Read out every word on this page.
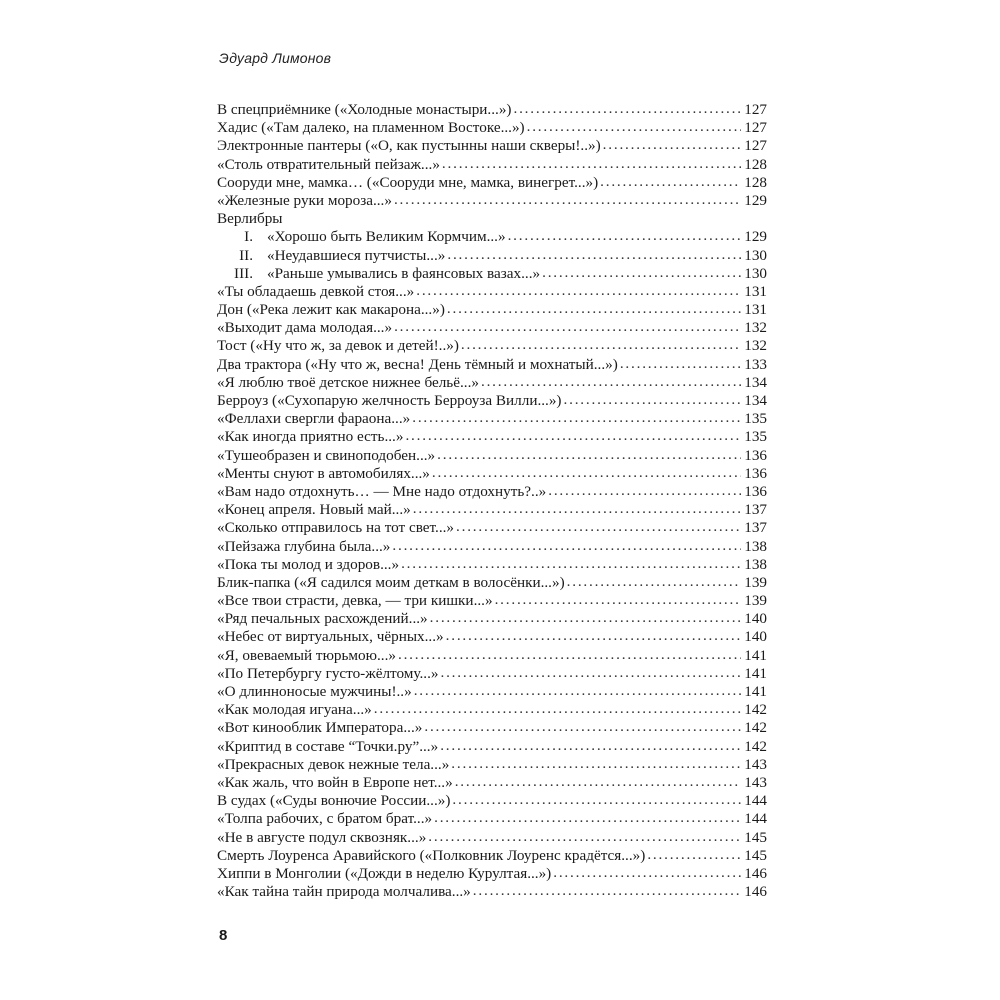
Эдуард Лимонов
В спецприёмнике («Холодные монастыри...») . . .	127
Хадис («Там далеко, на пламенном Востоке...») . . .	127
Электронные пантеры («О, как пустынны наши скверы!..») . . .	127
«Столь отвратительный пейзаж...» . . .	128
Сооруди мне, мамка… («Сооруди мне, мамка, винегрет...») . . .	128
«Железные руки мороза...» . . .	129
Верлибры
I. «Хорошо быть Великим Кормчим...» . . .	129
II. «Неудавшиеся путчисты...» . . .	130
III. «Раньше умывались в фаянсовых вазах...» . . .	130
«Ты обладаешь девкой стоя...» . . .	131
Дон («Река лежит как макарона...») . . .	131
«Выходит дама молодая...» . . .	132
Тост («Ну что ж, за девок и детей!..») . . .	132
Два трактора («Ну что ж, весна! День тёмный и мохнатый...») . . .	133
«Я люблю твоё детское нижнее бельё...» . . .	134
Берроуз («Сухопарую желчность Берроуза Вилли...») . . .	134
«Феллахи свергли фараона...» . . .	135
«Как иногда приятно есть...» . . .	135
«Тушеобразен и свиноподобен...» . . .	136
«Менты снуют в автомобилях...» . . .	136
«Вам надо отдохнуть… — Мне надо отдохнуть?..» . . .	136
«Конец апреля. Новый май...» . . .	137
«Сколько отправилось на тот свет...» . . .	137
«Пейзажа глубина была...» . . .	138
«Пока ты молод и здоров...» . . .	138
Блик-папка («Я садился моим деткам в волосёнки...») . . .	139
«Все твои страсти, девка, — три кишки...» . . .	139
«Ряд печальных расхождений...» . . .	140
«Небес от виртуальных, чёрных...» . . .	140
«Я, овеваемый тюрьмою...» . . .	141
«По Петербургу густо-жёлтому...» . . .	141
«О длинноносые мужчины!..» . . .	141
«Как молодая игуана...» . . .	142
«Вот кинооблик Императора...» . . .	142
«Криптид в составе “Точки.ру”...» . . .	142
«Прекрасных девок нежные тела...» . . .	143
«Как жаль, что войн в Европе нет...» . . .	143
В судах («Суды вонючие России...») . . .	144
«Толпа рабочих, с братом брат...» . . .	144
«Не в августе подул сквозняк...» . . .	145
Смерть Лоуренса Аравийского («Полковник Лоуренс крадётся...») . . .	145
Хиппи в Монголии («Дожди в неделю Курултая...») . . .	146
«Как тайна тайн природа молчалива...» . . .	146
8
